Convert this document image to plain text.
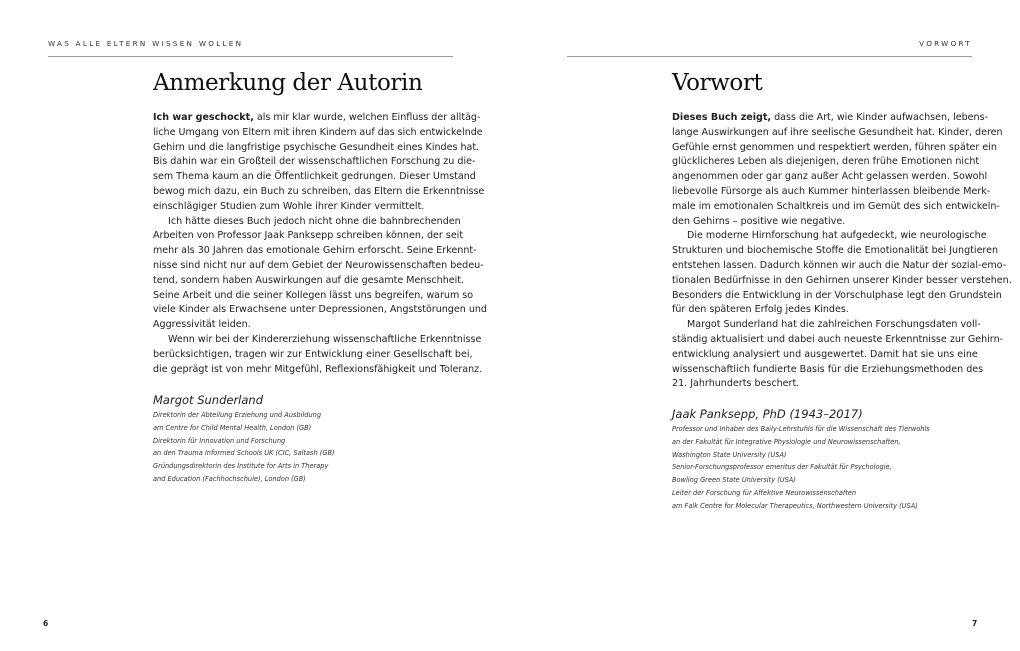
WAS ALLE ELTERN WISSEN WOLLEN
Anmerkung der Autorin
Ich war geschockt, als mir klar wurde, welchen Einfluss der alltäg-
liche Umgang von Eltern mit ihren Kindern auf das sich entwickelnde
Gehirn und die langfristige psychische Gesundheit eines Kindes hat.
Bis dahin war ein Großteil der wissenschaftlichen Forschung zu die-
sem Thema kaum an die Öffentlichkeit gedrungen. Dieser Umstand
bewog mich dazu, ein Buch zu schreiben, das Eltern die Erkenntnisse
einschlägiger Studien zum Wohle ihrer Kinder vermittelt.
Ich hätte dieses Buch jedoch nicht ohne die bahnbrechenden
Arbeiten von Professor Jaak Panksepp schreiben können, der seit
mehr als 30 Jahren das emotionale Gehirn erforscht. Seine Erkennt-
nisse sind nicht nur auf dem Gebiet der Neurowissenschaften bedeu-
tend, sondern haben Auswirkungen auf die gesamte Menschheit.
Seine Arbeit und die seiner Kollegen lässt uns begreifen, warum so
viele Kinder als Erwachsene unter Depressionen, Angststörungen und
Aggressivität leiden.
Wenn wir bei der Kindererziehung wissenschaftliche Erkenntnisse
berücksichtigen, tragen wir zur Entwicklung einer Gesellschaft bei,
die geprägt ist von mehr Mitgefühl, Reflexionsfähigkeit und Toleranz.
Margot Sunderland
Direktorin der Abteilung Erziehung und Ausbildung
am Centre for Child Mental Health, London (GB)
Direktorin für Innovation und Forschung
an den Trauma Informed Schools UK (CIC, Saltash (GB)
Gründungsdirektorin des Institute for Arts in Therapy
and Education (Fachhochschule), London (GB)
6
VORWORT
Vorwort
Dieses Buch zeigt, dass die Art, wie Kinder aufwachsen, lebens-
lange Auswirkungen auf ihre seelische Gesundheit hat. Kinder, deren
Gefühle ernst genommen und respektiert werden, führen später ein
glücklicheres Leben als diejenigen, deren frühe Emotionen nicht
angenommen oder gar ganz außer Acht gelassen werden. Sowohl
liebevolle Fürsorge als auch Kummer hinterlassen bleibende Merk-
male im emotionalen Schaltkreis und im Gemüt des sich entwickeln-
den Gehirns – positive wie negative.
Die moderne Hirnforschung hat aufgedeckt, wie neurologische
Strukturen und biochemische Stoffe die Emotionalität bei Jungtieren
entstehen lassen. Dadurch können wir auch die Natur der sozial-emo-
tionalen Bedürfnisse in den Gehirnen unserer Kinder besser verstehen.
Besonders die Entwicklung in der Vorschulphase legt den Grundstein
für den späteren Erfolg jedes Kindes.
Margot Sunderland hat die zahlreichen Forschungsdaten voll-
ständig aktualisiert und dabei auch neueste Erkenntnisse zur Gehirn-
entwicklung analysiert und ausgewertet. Damit hat sie uns eine
wissenschaftlich fundierte Basis für die Erziehungsmethoden des
21. Jahrhunderts beschert.
Jaak Panksepp, PhD (1943–2017)
Professor und Inhaber des Baily-Lehrstuhls für die Wissenschaft des Tierwohls
an der Fakultät für Integrative Physiologie und Neurowissenschaften,
Washington State University (USA)
Senior-Forschungsprofessor emeritus der Fakultät für Psychologie,
Bowling Green State University (USA)
Leiter der Forschung für Affektive Neurowissenschaften
am Falk Centre for Molecular Therapeutics, Northwestern University (USA)
7
